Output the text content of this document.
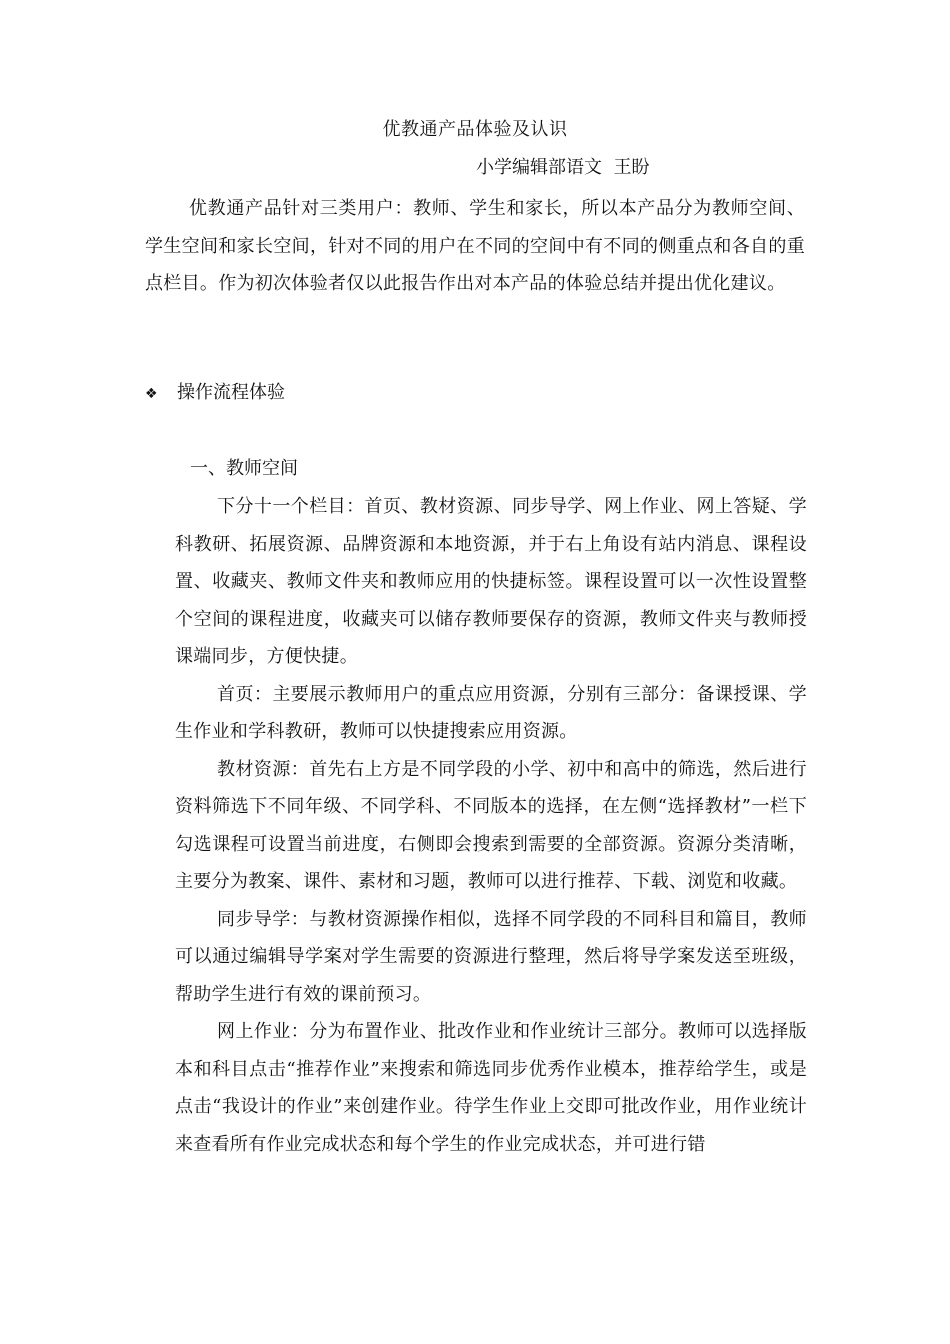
优教通产品体验及认识
小学编辑部语文  王盼
优教通产品针对三类用户：教师、学生和家长，所以本产品分为教师空间、学生空间和家长空间，针对不同的用户在不同的空间中有不同的侧重点和各自的重点栏目。作为初次体验者仅以此报告作出对本产品的体验总结并提出优化建议。
❖ 操作流程体验
一、教师空间

下分十一个栏目：首页、教材资源、同步导学、网上作业、网上答疑、学科教研、拓展资源、品牌资源和本地资源，并于右上角设有站内消息、课程设置、收藏夹、教师文件夹和教师应用的快捷标签。课程设置可以一次性设置整个空间的课程进度，收藏夹可以储存教师要保存的资源，教师文件夹与教师授课端同步，方便快捷。

首页：主要展示教师用户的重点应用资源，分别有三部分：备课授课、学生作业和学科教研，教师可以快捷搜索应用资源。

教材资源：首先右上方是不同学段的小学、初中和高中的筛选，然后进行资料筛选下不同年级、不同学科、不同版本的选择，在左侧“选择教材”一栏下勾选课程可设置当前进度，右侧即会搜索到需要的全部资源。资源分类清晰，主要分为教案、课件、素材和习题，教师可以进行推荐、下载、浏览和收藏。

同步导学：与教材资源操作相似，选择不同学段的不同科目和篇目，教师可以通过编辑导学案对学生需要的资源进行整理，然后将导学案发送至班级，帮助学生进行有效的课前预习。

网上作业：分为布置作业、批改作业和作业统计三部分。教师可以选择版本和科目点击“推荐作业”来搜索和筛选同步优秀作业模本，推荐给学生，或是点击“我设计的作业”来创建作业。待学生作业上交即可批改作业，用作业统计来查看所有作业完成状态和每个学生的作业完成状态，并可进行错
